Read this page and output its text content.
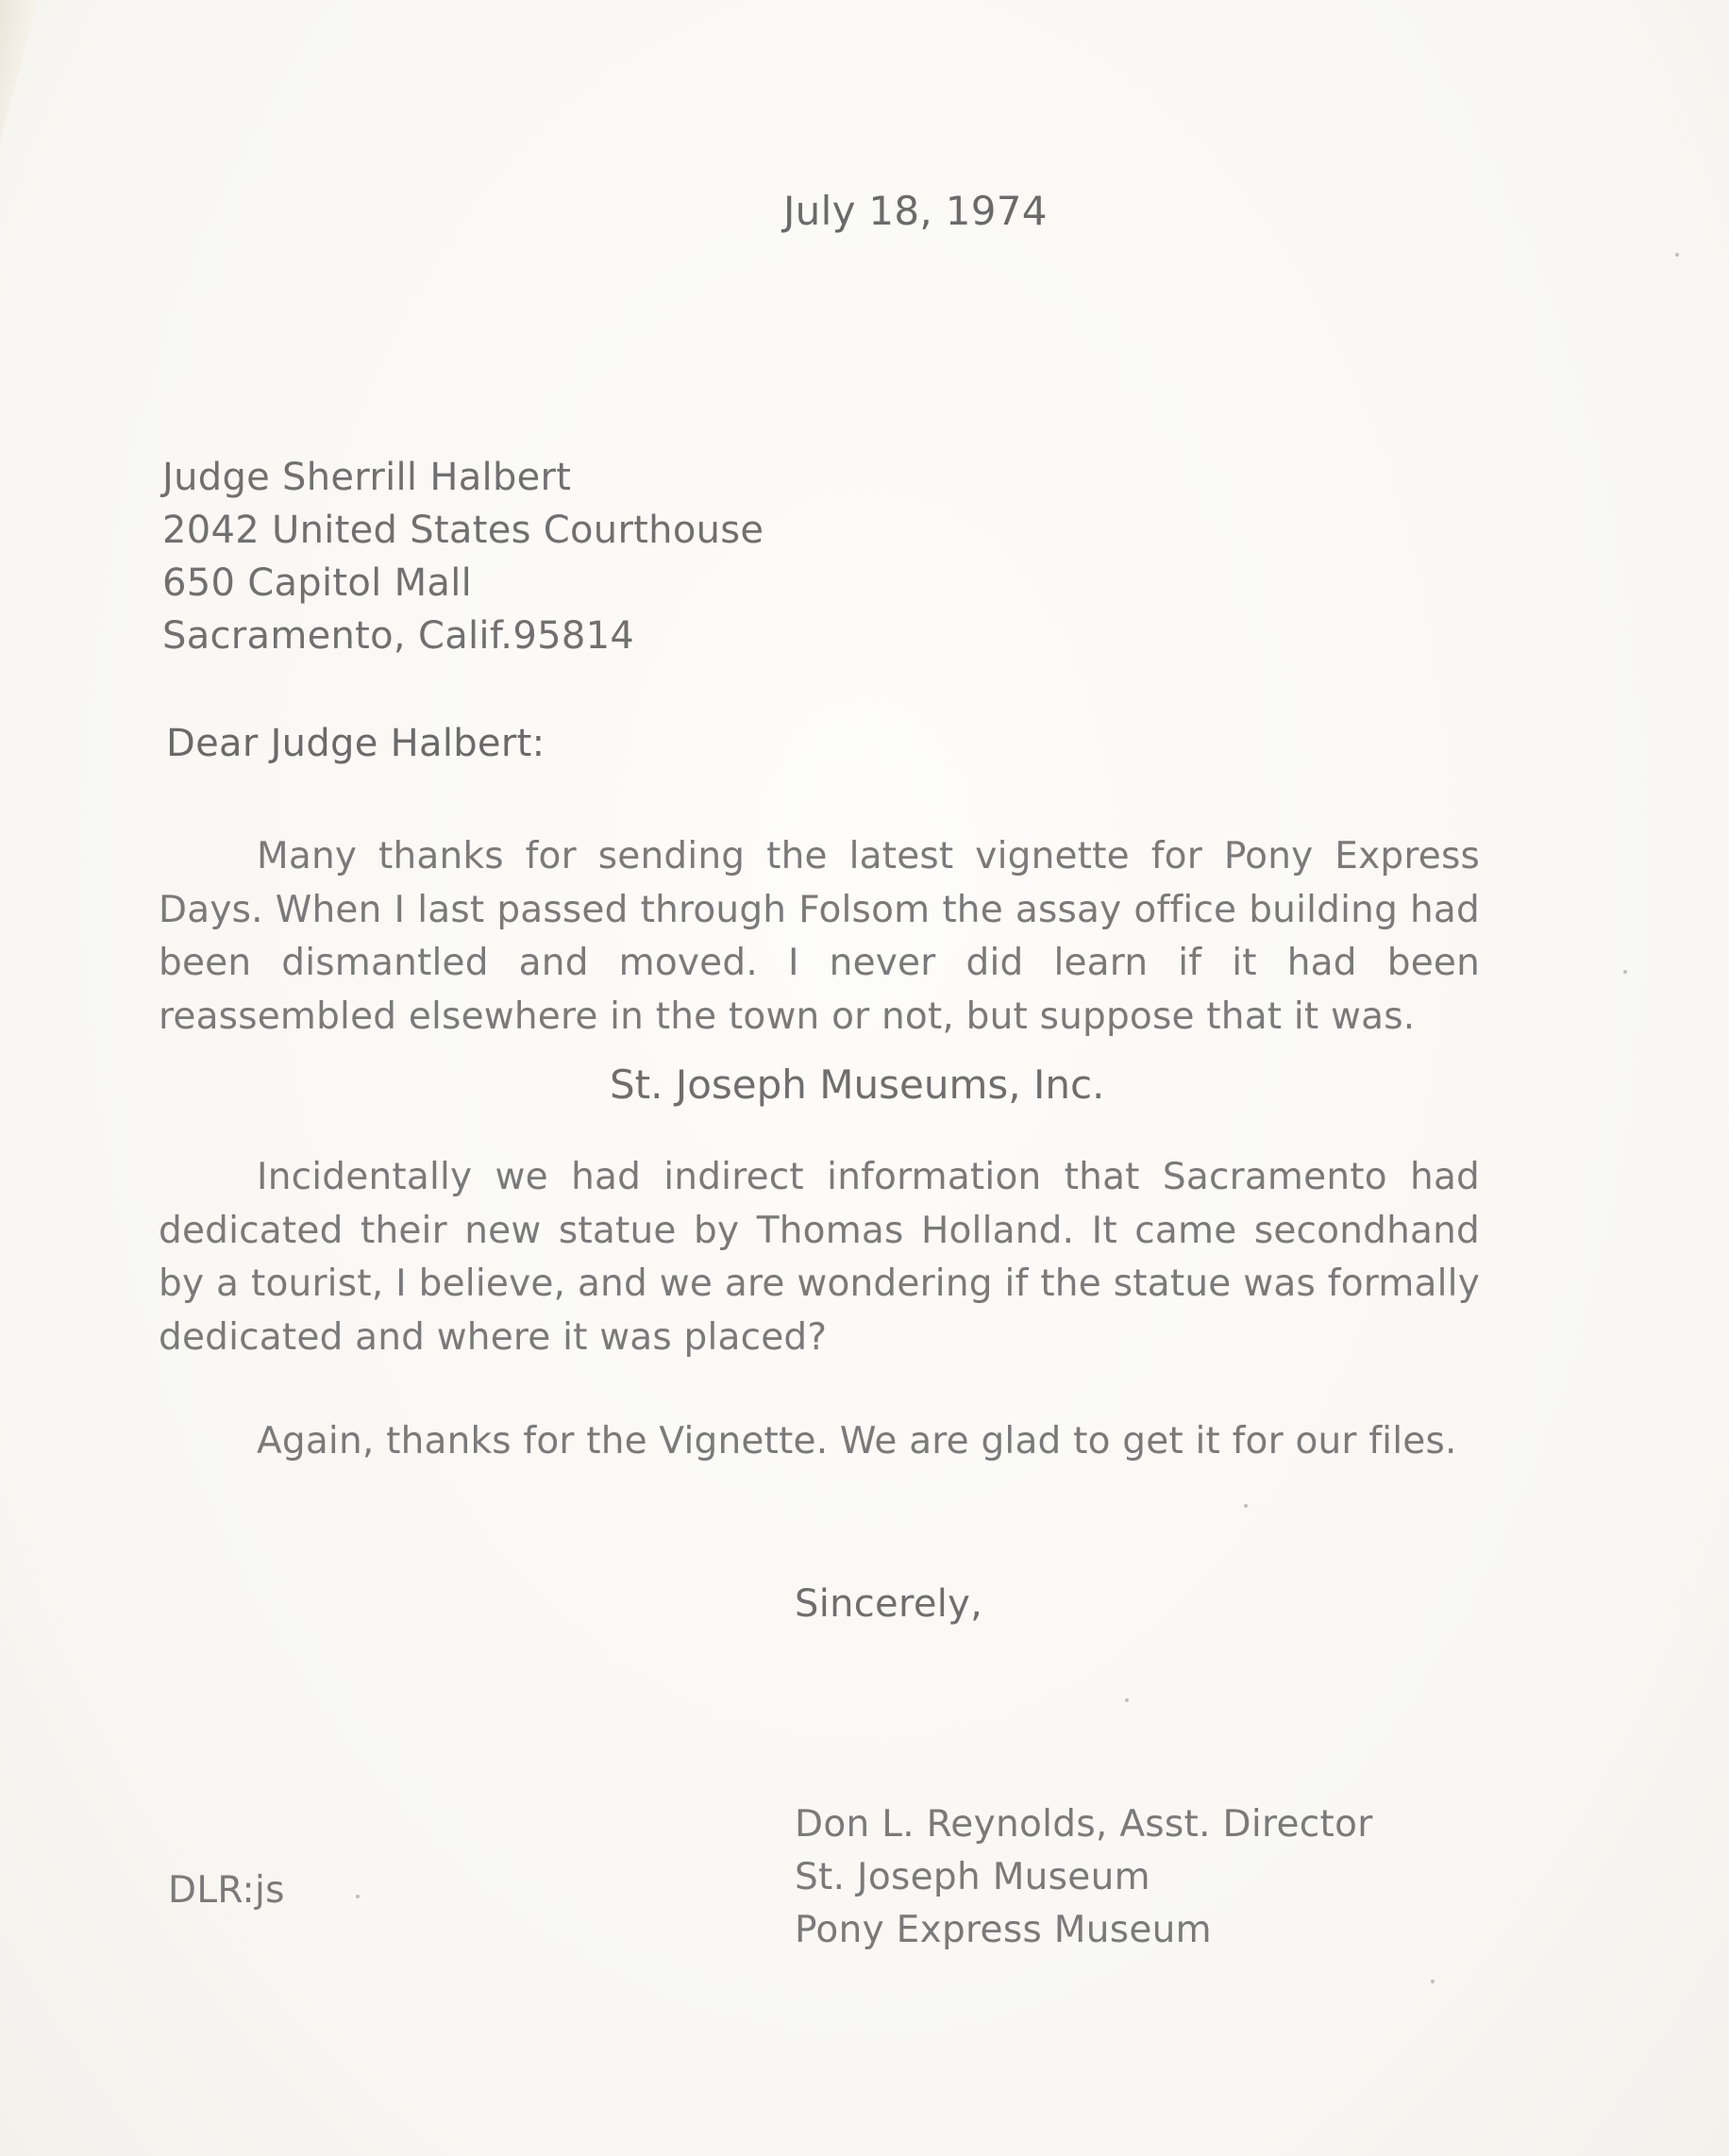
July 18, 1974
Judge Sherrill Halbert
2042 United States Courthouse
650 Capitol Mall
Sacramento, Calif.95814
Dear Judge Halbert:
Many thanks for sending the latest vignette for Pony Express Days. When I last passed through Folsom the assay office building had been dismantled and moved. I never did learn if it had been reassembled elsewhere in the town or not, but suppose that it was.
St. Joseph Museums, Inc.
Incidentally we had indirect information that Sacramento had dedicated their new statue by Thomas Holland. It came secondhand by a tourist, I believe, and we are wondering if the statue was formally dedicated and where it was placed?
Again, thanks for the Vignette. We are glad to get it for our files.
Sincerely,
Don L. Reynolds, Asst. Director
St. Joseph Museum
Pony Express Museum
DLR:js
